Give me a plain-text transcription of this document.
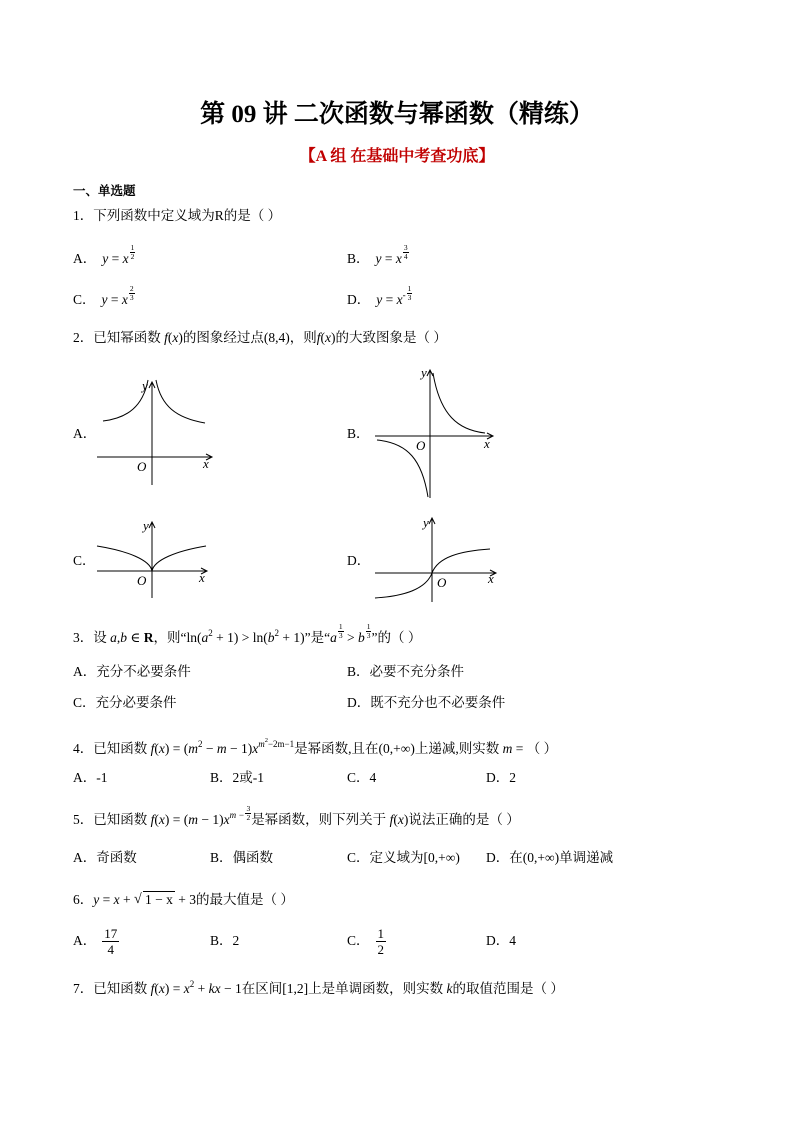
第 09 讲 二次函数与幂函数（精练）
【A 组 在基础中考查功底】
一、单选题
1．下列函数中定义域为R的是（ ）
A． y = x $\frac{1}{2}$	B． y = x $\frac{3}{4}$
C． y = x $\frac{2}{3}$	D． $y = x^- \frac{1}{3}$
2．已知幂函数 f(x)的图象经过点(8,4)，则f(x)的大致图象是（ ）
A．	B．
C．	D．
y
x
O
y
x
O
y
x
O
y
x
O
3．设 a,b ∈ R，则“$\ln(a^2 + 1) > \ln(b^2 + 1)$”是“$a \frac{1}{3} > b \frac{1}{3}$ ”的（ ）
A．充分不必要条件	B．必要不充分条件
C．充分必要条件	D．既不充分也不必要条件
4．已知函数 $f(x) = (m^2 - m - 1)x^{m2-2m-1}$是幂函数,且在(0,+∞)上递减,则实数 m = （ ）
A．-1	B．2或-1	C．4	D．2
5．已知函数 $f(x) = (m - 1)x^{m -} \frac{3}{2}$ 是幂函数，则下列关于 f(x)说法正确的是（ ）
A．奇函数	B．偶函数	C．定义域为[0,+∞) D．在(0,+∞)单调递减
6．y = x + √ 1 − x + 3的最大值是（ ）
A． $\frac{17}{4}$	B．2	C． $\frac{1}{2}$	D．4
7．已知函数 $f(x) = x^2$ + kx − 1在区间[1,2]上是单调函数，则实数 k的取值范围是（ ）
